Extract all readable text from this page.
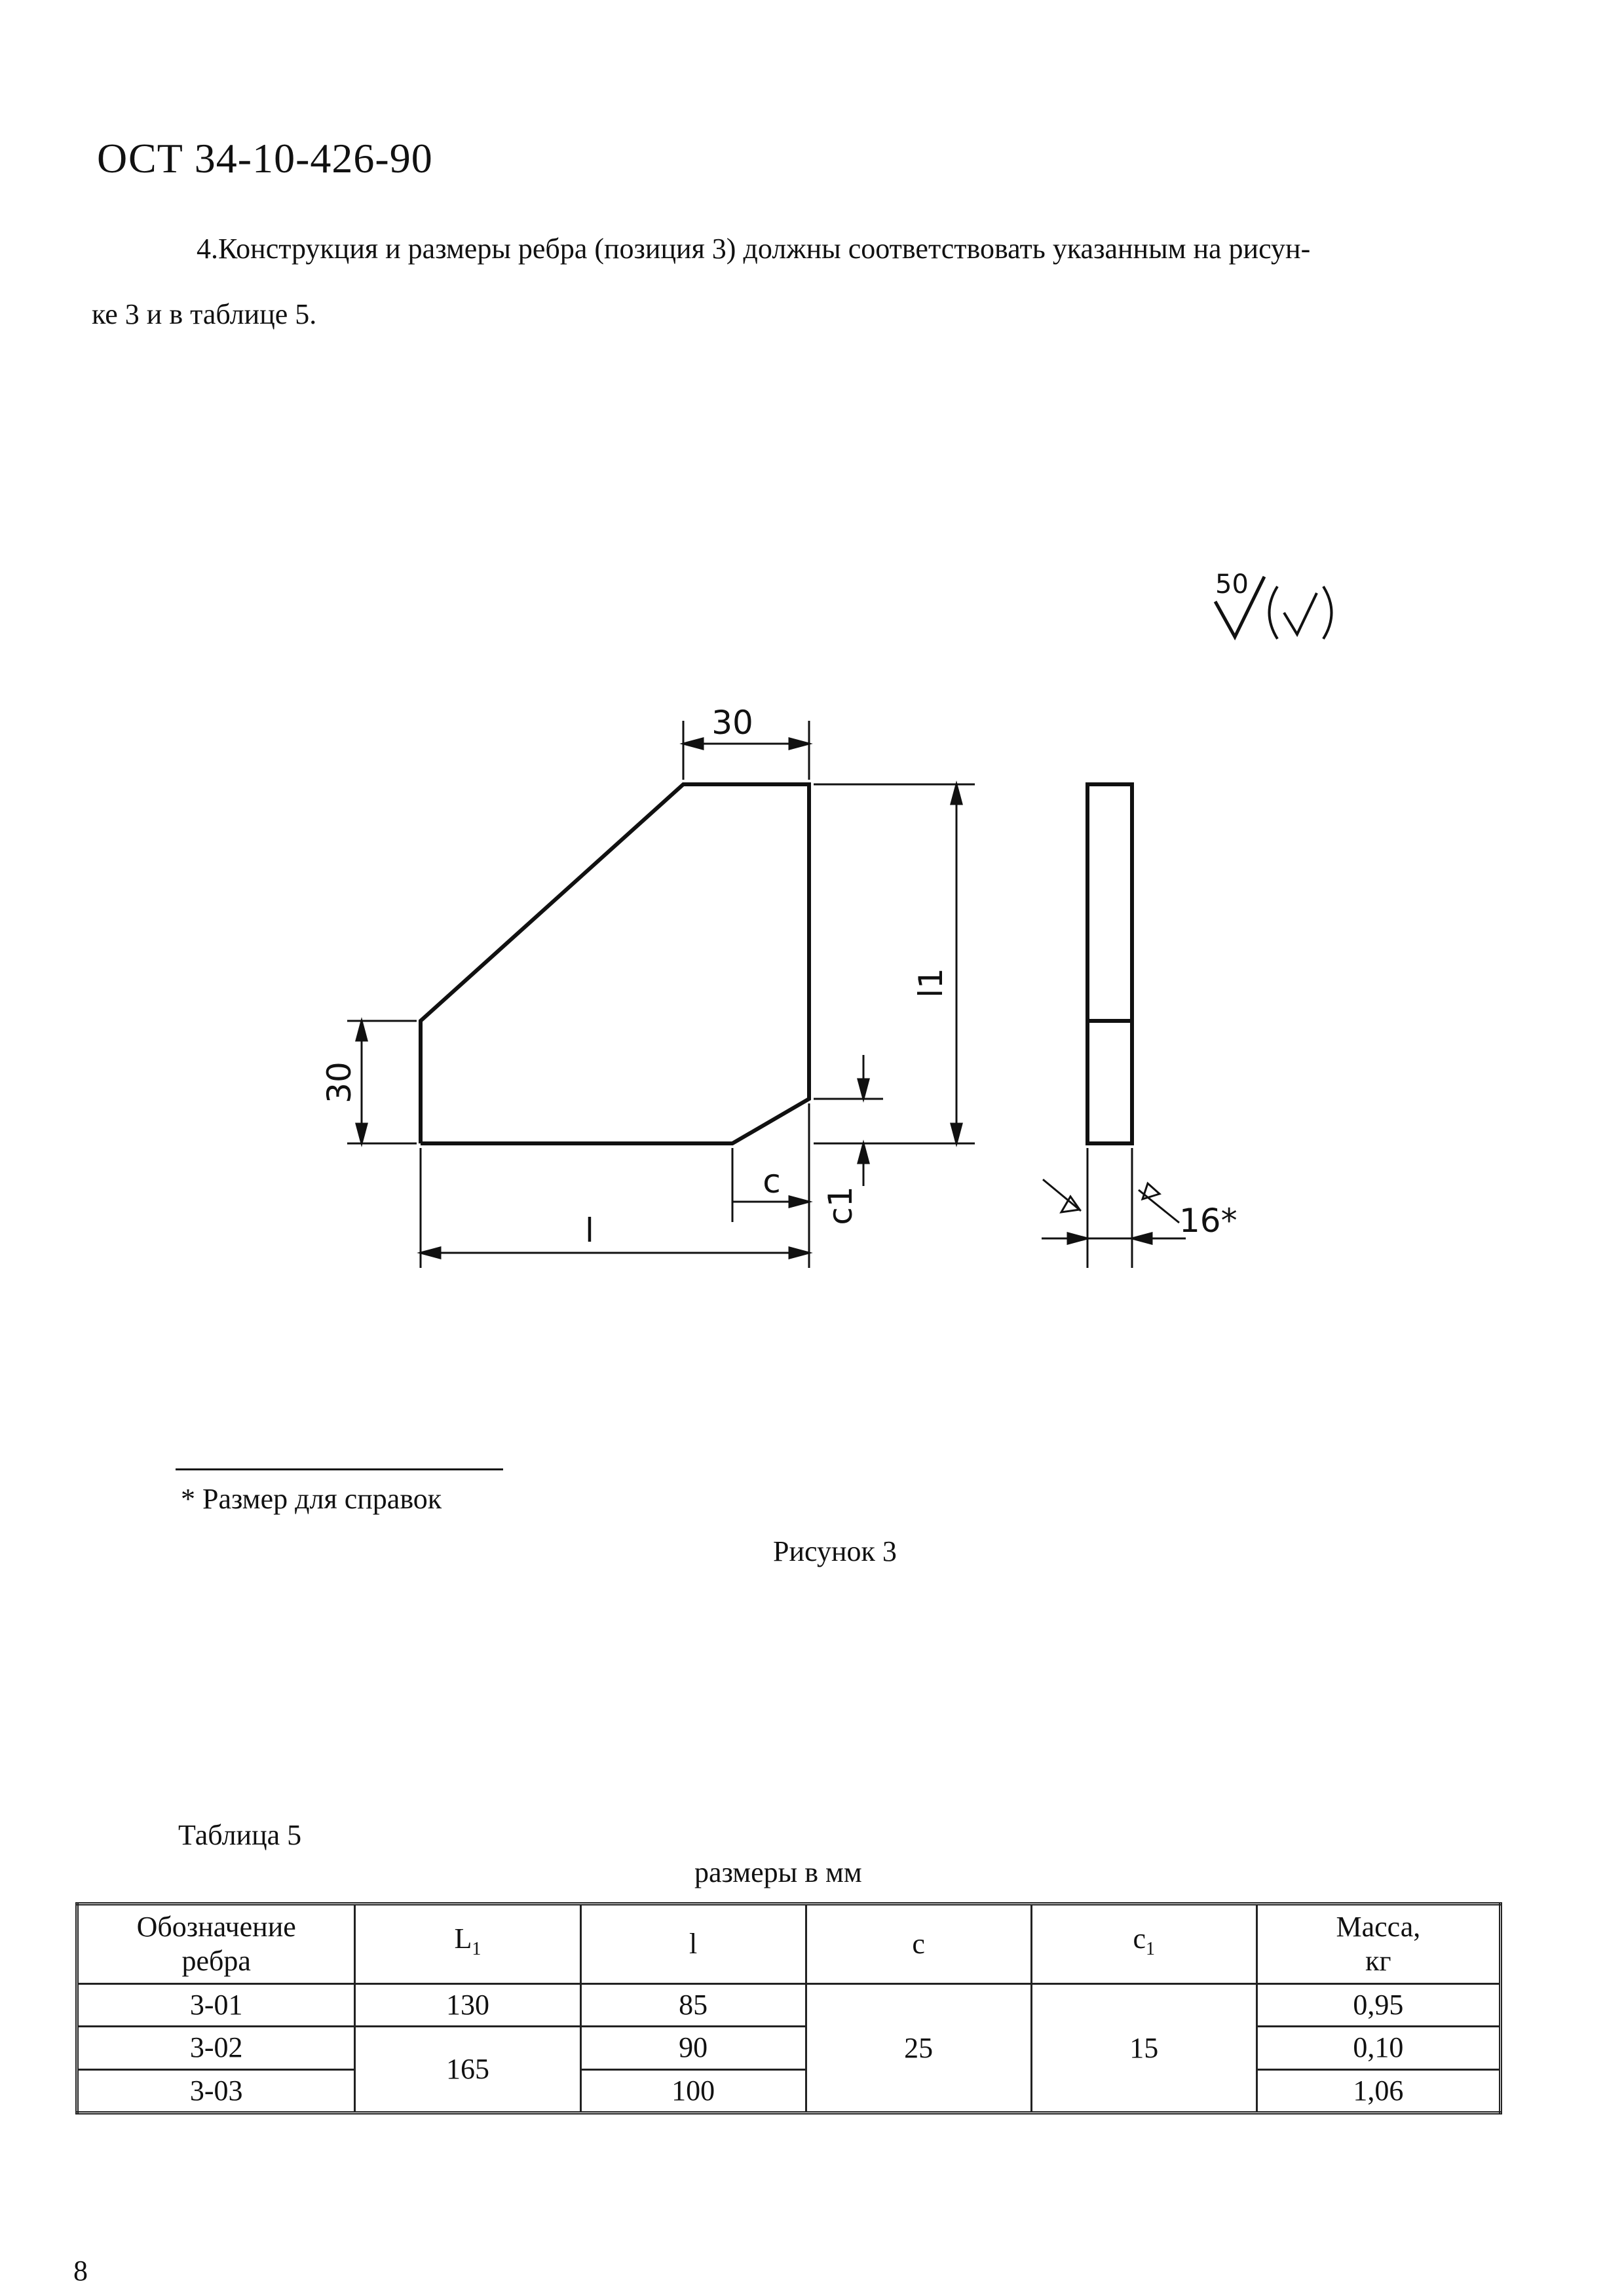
ОСТ 34-10-426-90
4.Конструкция и размеры ребра (позиция 3) должны соответствовать указанным на рисун-
ке 3 и в таблице 5.
30
30
l1
c
c1
l	16*
50
* Размер для справок
Рисунок 3
Таблица 5
размеры в мм
Обозначение
ребра	$L_1$	l	c	$c_1$	Масса,
кг
3-01	130	85	25	15	0,95
3-02	165	90			0,10
3-03		100			1,06
8
